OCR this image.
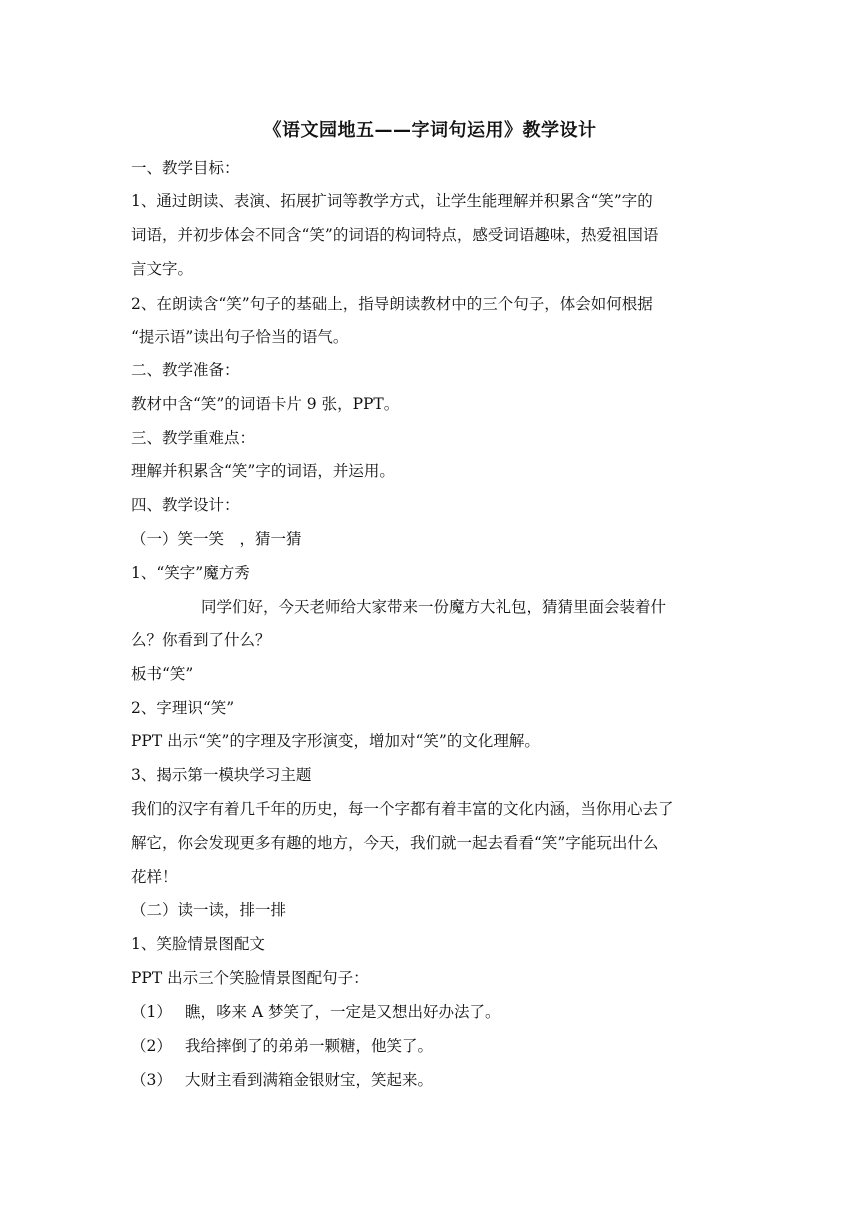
《语文园地五——字词句运用》教学设计
一、教学目标：
1、通过朗读、表演、拓展扩词等教学方式，让学生能理解并积累含“笑”字的
词语，并初步体会不同含“笑”的词语的构词特点，感受词语趣味，热爱祖国语
言文字。
2、在朗读含“笑”句子的基础上，指导朗读教材中的三个句子，体会如何根据
“提示语”读出句子恰当的语气。
二、教学准备：
教材中含“笑”的词语卡片 9 张，PPT。
三、教学重难点：
理解并积累含“笑”字的词语，并运用。
四、教学设计：
（一）笑一笑　，猜一猜
1、“笑字”魔方秀
同学们好，今天老师给大家带来一份魔方大礼包，猜猜里面会装着什
么？你看到了什么？
板书“笑”
2、字理识“笑”
PPT 出示“笑”的字理及字形演变，增加对“笑”的文化理解。
3、揭示第一模块学习主题
我们的汉字有着几千年的历史，每一个字都有着丰富的文化内涵，当你用心去了
解它，你会发现更多有趣的地方，今天，我们就一起去看看“笑”字能玩出什么
花样！
（二）读一读，排一排
1、笑脸情景图配文
PPT 出示三个笑脸情景图配句子：
（1） 瞧，哆来 A 梦笑了，一定是又想出好办法了。
（2） 我给摔倒了的弟弟一颗糖，他笑了。
（3） 大财主看到满箱金银财宝，笑起来。
